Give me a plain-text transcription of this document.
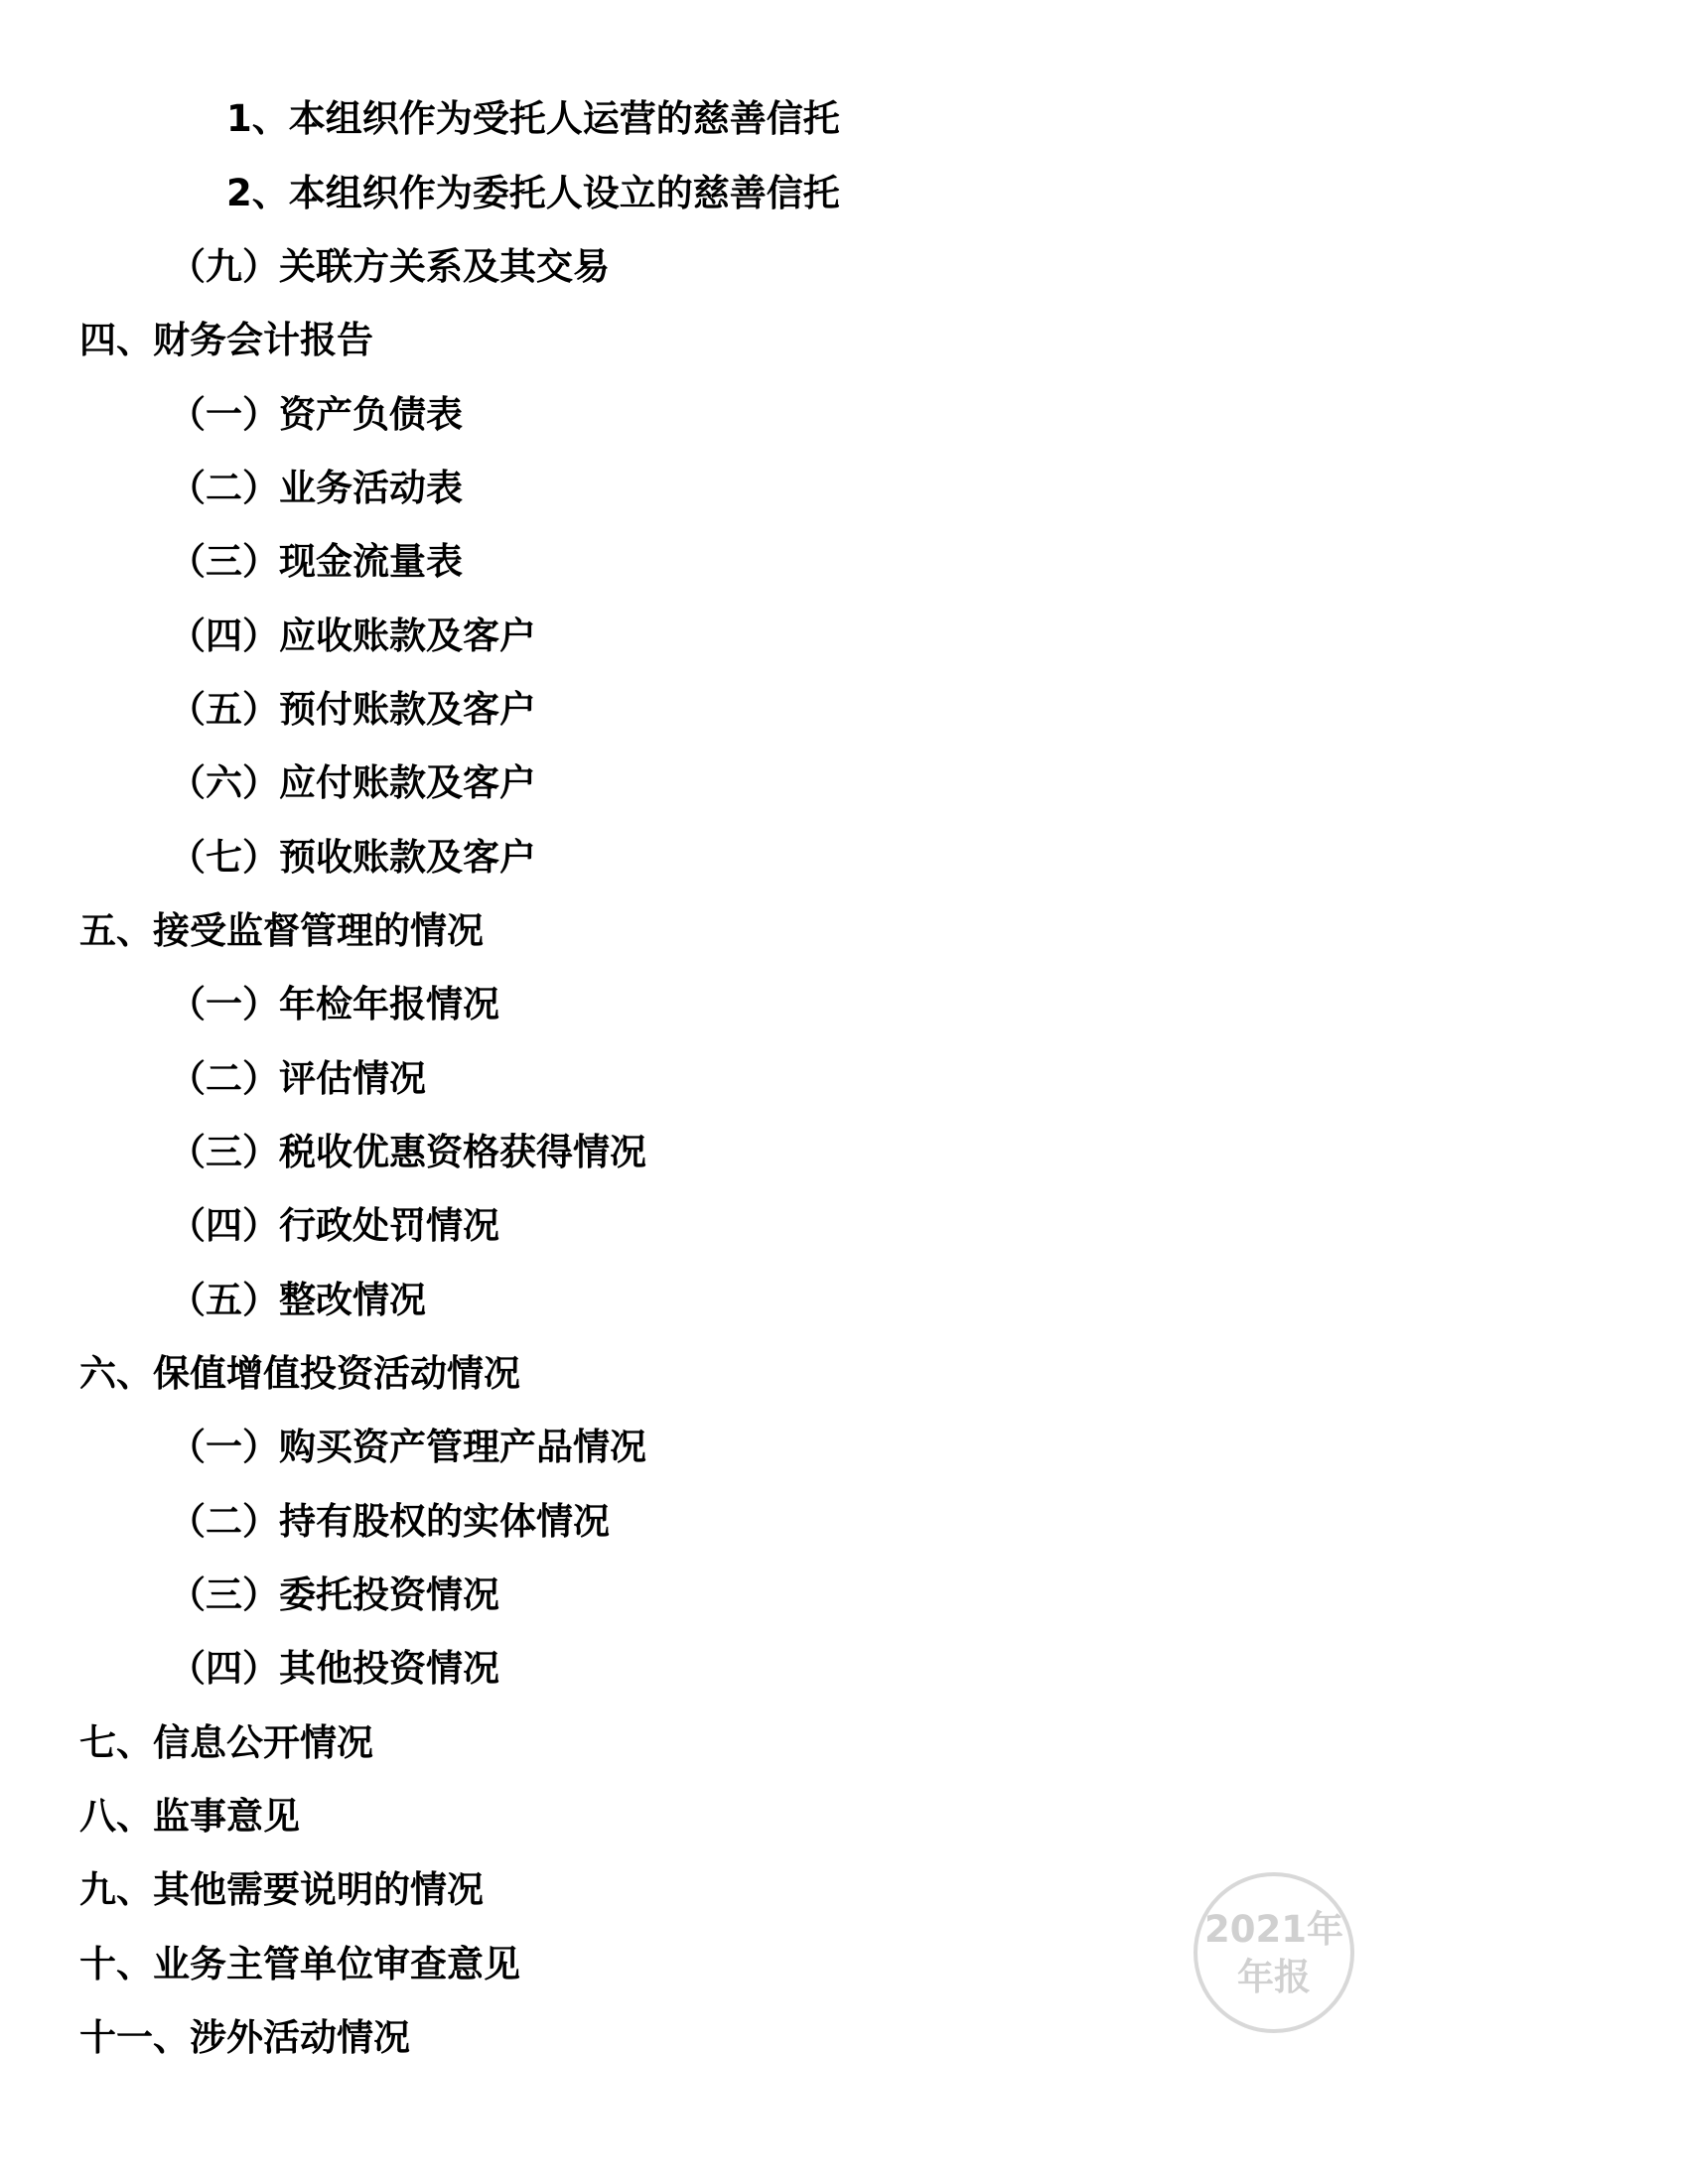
1、本组织作为受托人运营的慈善信托
2、本组织作为委托人设立的慈善信托
（九）关联方关系及其交易
四、财务会计报告
（一）资产负债表
（二）业务活动表
（三）现金流量表
（四）应收账款及客户
（五）预付账款及客户
（六）应付账款及客户
（七）预收账款及客户
五、接受监督管理的情况
（一）年检年报情况
（二）评估情况
（三）税收优惠资格获得情况
（四）行政处罚情况
（五）整改情况
六、保值增值投资活动情况
（一）购买资产管理产品情况
（二）持有股权的实体情况
（三）委托投资情况
（四）其他投资情况
七、信息公开情况
八、监事意见
九、其他需要说明的情况
十、业务主管单位审查意见
十一、涉外活动情况
2021年
年报
